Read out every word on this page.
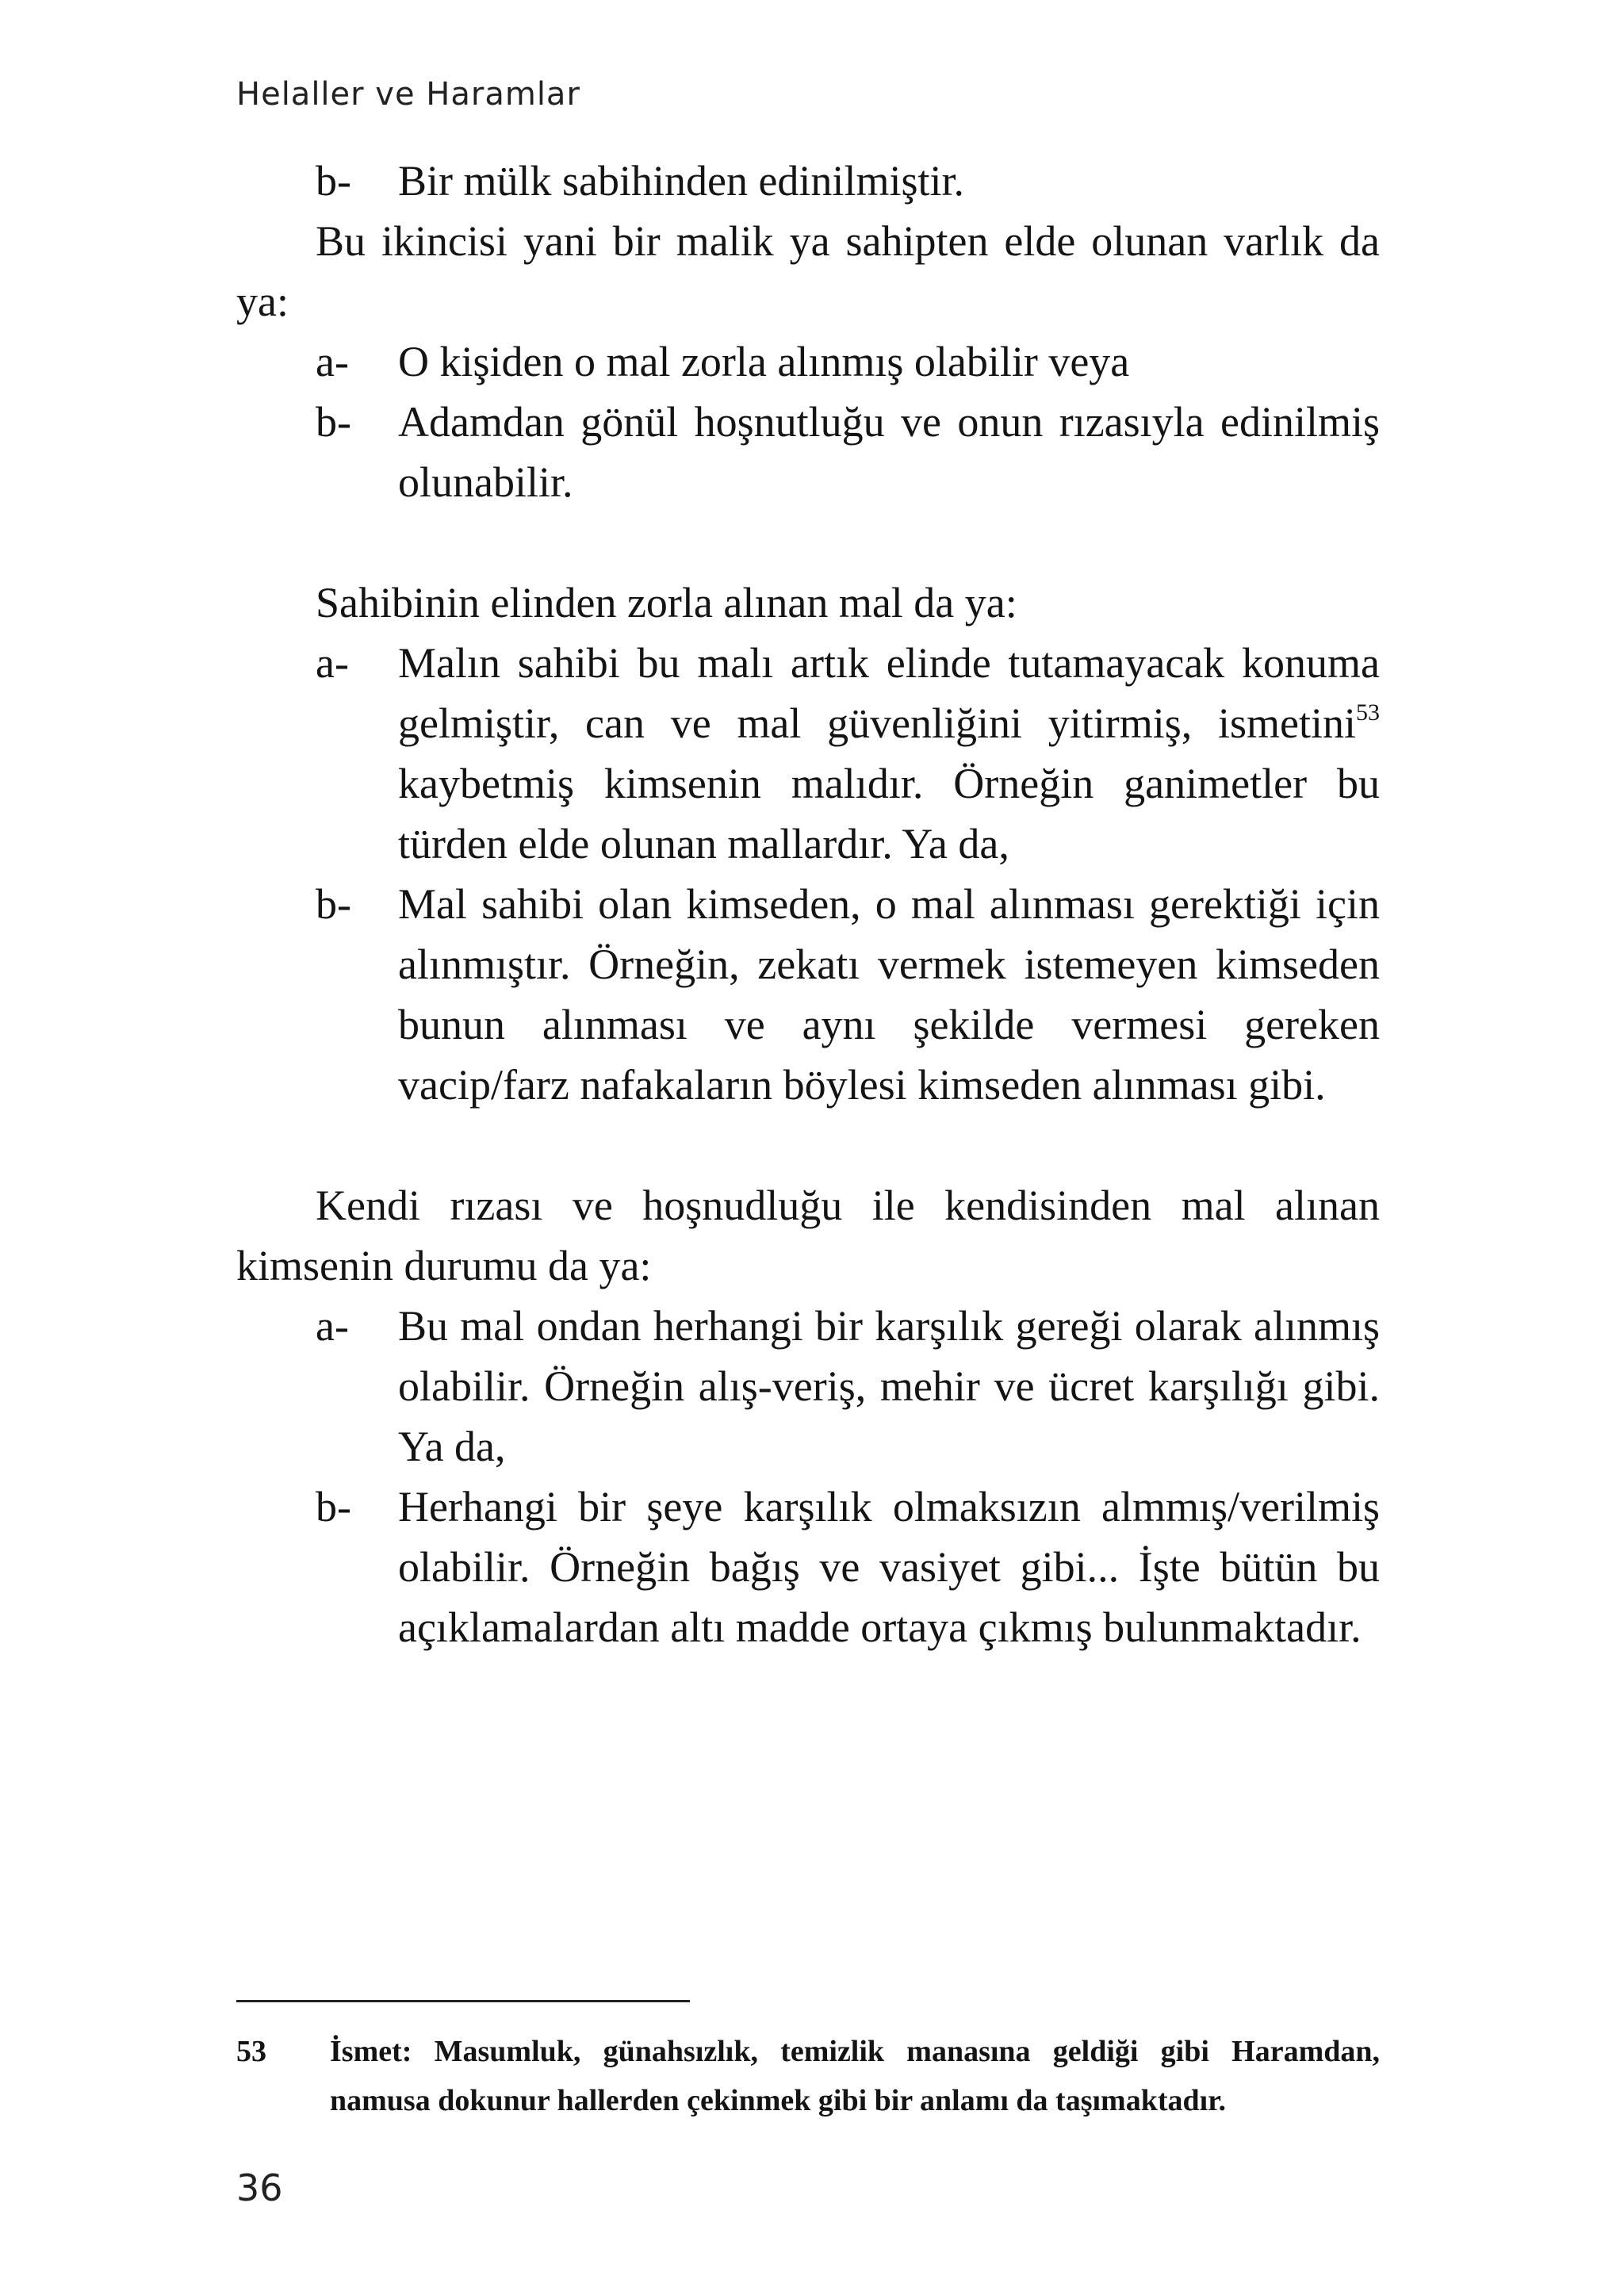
Helaller ve Haramlar
b- Bir mülk sabihinden edinilmiştir.
Bu ikincisi yani bir malik ya sahipten elde olunan varlık da ya:
a- O kişiden o mal zorla alınmış olabilir veya
b- Adamdan gönül hoşnutluğu ve onun rızasıyla edinilmiş olunabilir.
Sahibinin elinden zorla alınan mal da ya:
a- Malın sahibi bu malı artık elinde tutamayacak konuma gelmiştir, can ve mal güvenliğini yitirmiş, ismetini$^{53}$ kaybetmiş kimsenin malıdır. Örneğin ganimetler bu türden elde olunan mallardır. Ya da,
b- Mal sahibi olan kimseden, o mal alınması gerektiği için alınmıştır. Örneğin, zekatı vermek istemeyen kimseden bunun alınması ve aynı şekilde vermesi gereken vacip/farz nafakaların böylesi kimseden alınması gibi.
Kendi rızası ve hoşnudluğu ile kendisinden mal alınan kimsenin durumu da ya:
a- Bu mal ondan herhangi bir karşılık gereği olarak alınmış olabilir. Örneğin alış-veriş, mehir ve ücret karşılığı gibi. Ya da,
b- Herhangi bir şeye karşılık olmaksızın almmış/verilmiş olabilir. Örneğin bağış ve vasiyet gibi... İşte bütün bu açıklamalardan altı madde ortaya çıkmış bulunmaktadır.
53	İsmet: Masumluk, günahsızlık, temizlik manasına geldiği gibi Haramdan, namusa dokunur hallerden çekinmek gibi bir anlamı da taşımaktadır.
36
